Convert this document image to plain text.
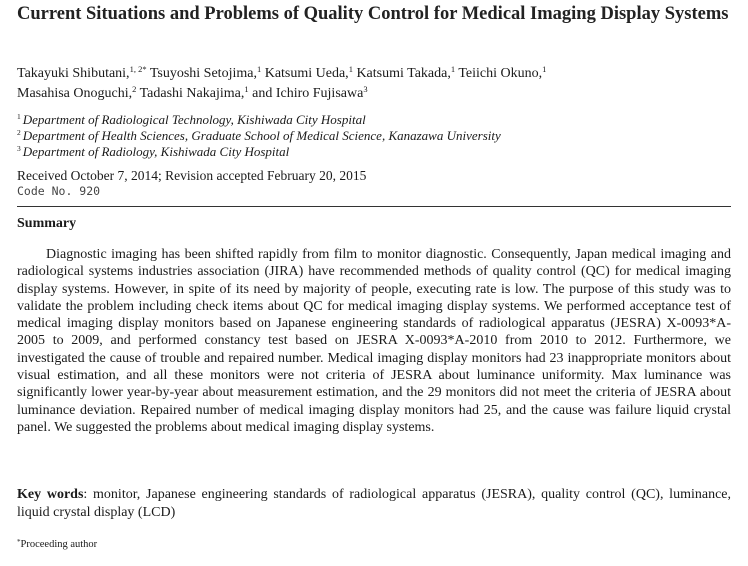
Current Situations and Problems of Quality Control for Medical Imaging Display Systems
Takayuki Shibutani,$^{1, 2*}$ Tsuyoshi Setojima,$^1$ Katsumi Ueda,$^1$ Katsumi Takada,$^1$ Teiichi Okuno,$^1$
Masahisa Onoguchi,$^2$ Tadashi Nakajima,$^1$ and Ichiro Fujisawa$^3$
$^1$ Department of Radiological Technology, Kishiwada City Hospital
$^2$ Department of Health Sciences, Graduate School of Medical Science, Kanazawa University
$^3$ Department of Radiology, Kishiwada City Hospital
Received October 7, 2014; Revision accepted February 20, 2015
Code No. 920
Summary

Diagnostic imaging has been shifted rapidly from film to monitor diagnostic. Consequently, Japan medical imaging and radiological systems industries association (JIRA) have recommended methods of quality control (QC) for medical imaging display systems. However, in spite of its need by majority of people, executing rate is low. The purpose of this study was to validate the problem including check items about QC for medical imaging display systems. We performed acceptance test of medical imaging display monitors based on Japanese engineering standards of radiological apparatus (JESRA) X-0093*A-2005 to 2009, and performed constancy test based on JESRA X-0093*A-2010 from 2010 to 2012. Furthermore, we investigated the cause of trouble and repaired number. Medical imaging display monitors had 23 inappropriate monitors about visual estimation, and all these monitors were not criteria of JESRA about luminance uniformity. Max luminance was significantly lower year-by-year about measurement estimation, and the 29 monitors did not meet the criteria of JESRA about luminance deviation. Repaired number of medical imaging display monitors had 25, and the cause was failure liquid crystal panel. We suggested the problems about medical imaging display systems.

Key words: monitor, Japanese engineering standards of radiological apparatus (JESRA), quality control (QC), luminance, liquid crystal display (LCD)

*Proceeding author
